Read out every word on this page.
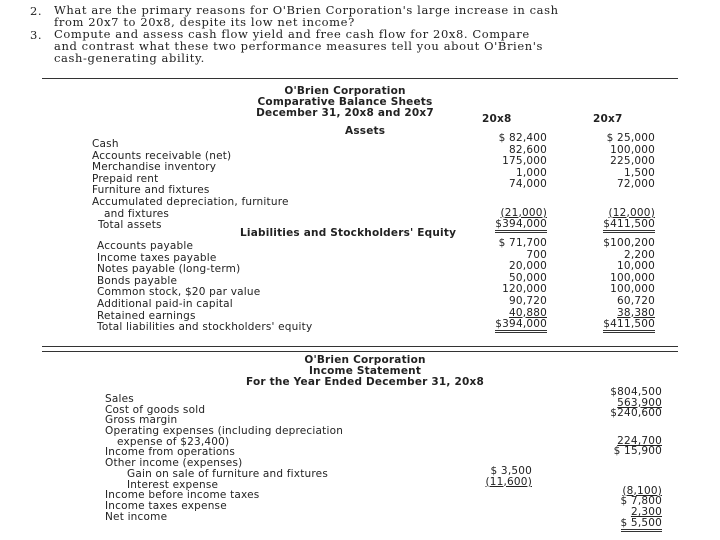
2. What are the primary reasons for O'Brien Corporation's large increase in cash
from 20x7 to 20x8, despite its low net income?
3. Compute and assess cash flow yield and free cash flow for 20x8. Compare
and contrast what these two performance measures tell you about O'Brien's
cash-generating ability.
O'Brien Corporation
Comparative Balance Sheets
December 31, 20x8 and 20x7	20x8	20x7
Assets
Cash
Accounts receivable (net)
Merchandise inventory
Prepaid rent
Furniture and fixtures
Accumulated depreciation, furniture
and fixtures
Total assets
$ 82,400
82,600
175,000
1,000
74,000
(21,000)
$394,000
$ 25,000
100,000
225,000
1,500
72,000
(12,000)
$411,500
Liabilities and Stockholders' Equity
Accounts payable
Income taxes payable
Notes payable (long-term)
Bonds payable
Common stock, $20 par value
Additional paid-in capital
Retained earnings
Total liabilities and stockholders' equity
$ 71,700
700
20,000
50,000
120,000
90,720
40,880
$394,000
$100,200
2,200
10,000
100,000
100,000
60,720
38,380
$411,500
O'Brien Corporation
Income Statement
For the Year Ended December 31, 20x8
Sales
Cost of goods sold
Gross margin
Operating expenses (including depreciation
expense of $23,400)
Income from operations
Other income (expenses)
Gain on sale of furniture and fixtures
Interest expense
Income before income taxes
Income taxes expense
Net income
$ 3,500
(11,600)
$804,500
563,900
$240,600
224,700
$ 15,900
(8,100)
$ 7,800
2,300
$ 5,500
